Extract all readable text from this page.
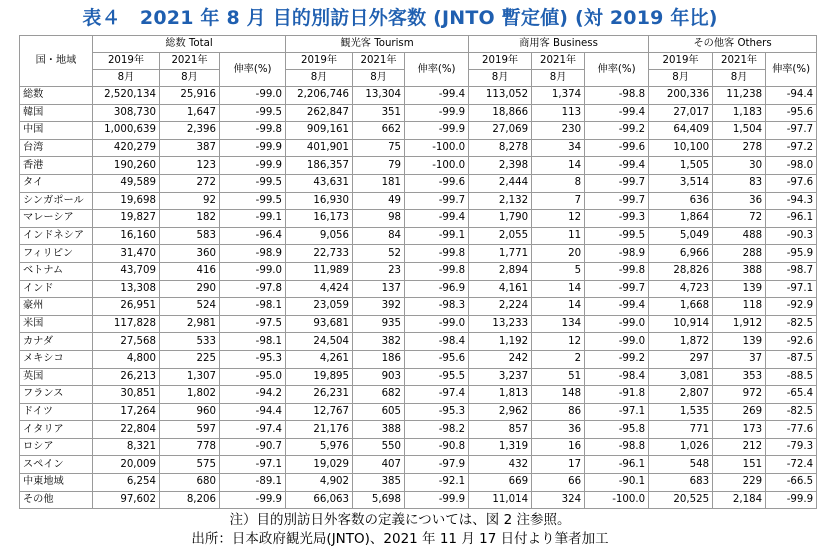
表４　2021 年 8 月 目的別訪日外客数 (JNTO 暫定値) (対 2019 年比)
国・地域	総数 Total			観光客 Tourism			商用客 Business			その他客 Others		
	2019年	2021年	伸率(%)	2019年	2021年	伸率(%)	2019年	2021年	伸率(%)	2019年	2021年	伸率(%)
	8月	8月		8月	8月		8月	8月		8月	8月	
総数	2,520,134	25,916	-99.0	2,206,746	13,304	-99.4	113,052	1,374	-98.8	200,336	11,238	-94.4
韓国	308,730	1,647	-99.5	262,847	351	-99.9	18,866	113	-99.4	27,017	1,183	-95.6
中国	1,000,639	2,396	-99.8	909,161	662	-99.9	27,069	230	-99.2	64,409	1,504	-97.7
台湾	420,279	387	-99.9	401,901	75	-100.0	8,278	34	-99.6	10,100	278	-97.2
香港	190,260	123	-99.9	186,357	79	-100.0	2,398	14	-99.4	1,505	30	-98.0
タイ	49,589	272	-99.5	43,631	181	-99.6	2,444	8	-99.7	3,514	83	-97.6
シンガポール	19,698	92	-99.5	16,930	49	-99.7	2,132	7	-99.7	636	36	-94.3
マレーシア	19,827	182	-99.1	16,173	98	-99.4	1,790	12	-99.3	1,864	72	-96.1
インドネシア	16,160	583	-96.4	9,056	84	-99.1	2,055	11	-99.5	5,049	488	-90.3
フィリピン	31,470	360	-98.9	22,733	52	-99.8	1,771	20	-98.9	6,966	288	-95.9
ベトナム	43,709	416	-99.0	11,989	23	-99.8	2,894	5	-99.8	28,826	388	-98.7
インド	13,308	290	-97.8	4,424	137	-96.9	4,161	14	-99.7	4,723	139	-97.1
豪州	26,951	524	-98.1	23,059	392	-98.3	2,224	14	-99.4	1,668	118	-92.9
米国	117,828	2,981	-97.5	93,681	935	-99.0	13,233	134	-99.0	10,914	1,912	-82.5
カナダ	27,568	533	-98.1	24,504	382	-98.4	1,192	12	-99.0	1,872	139	-92.6
メキシコ	4,800	225	-95.3	4,261	186	-95.6	242	2	-99.2	297	37	-87.5
英国	26,213	1,307	-95.0	19,895	903	-95.5	3,237	51	-98.4	3,081	353	-88.5
フランス	30,851	1,802	-94.2	26,231	682	-97.4	1,813	148	-91.8	2,807	972	-65.4
ドイツ	17,264	960	-94.4	12,767	605	-95.3	2,962	86	-97.1	1,535	269	-82.5
イタリア	22,804	597	-97.4	21,176	388	-98.2	857	36	-95.8	771	173	-77.6
ロシア	8,321	778	-90.7	5,976	550	-90.8	1,319	16	-98.8	1,026	212	-79.3
スペイン	20,009	575	-97.1	19,029	407	-97.9	432	17	-96.1	548	151	-72.4
中東地域	6,254	680	-89.1	4,902	385	-92.1	669	66	-90.1	683	229	-66.5
その他	97,602	8,206	-99.9	66,063	5,698	-99.9	11,014	324	-100.0	20,525	2,184	-99.9
注）目的別訪日外客数の定義については、図 2 注参照。
出所：日本政府観光局(JNTO)、2021 年 11 月 17 日付より筆者加工
